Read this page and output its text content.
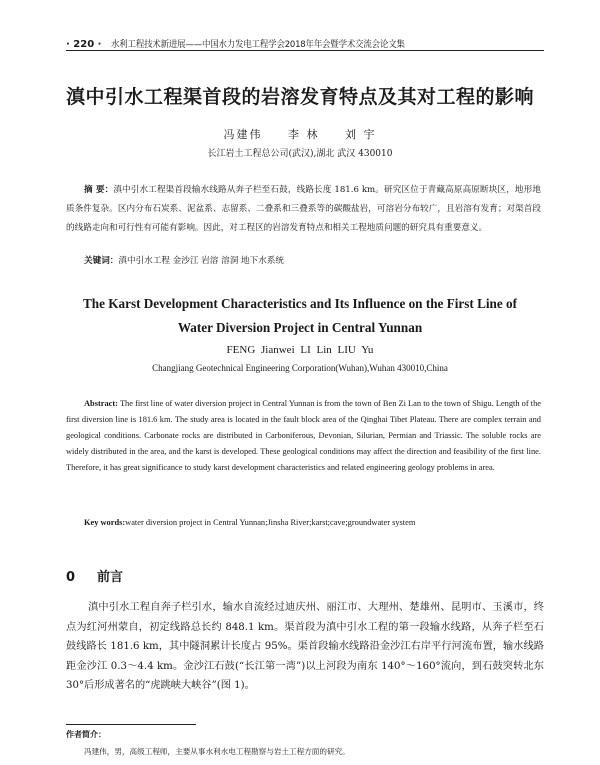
· 220 · 水利工程技术新进展——中国水力发电工程学会2018年年会暨学术交流会论文集
滇中引水工程渠首段的岩溶发育特点及其对工程的影响
冯建伟 李 林 刘 宇
长江岩土工程总公司(武汉),湖北 武汉 430010
摘 要：滇中引水工程渠首段输水线路从奔子栏至石鼓，线路长度 181.6 km。研究区位于青藏高原高原断块区，地形地质条件复杂。区内分布石炭系、泥盆系、志留系、二叠系和三叠系等的碳酸盐岩，可溶岩分布较广，且岩溶有发育；对渠首段的线路走向和可行性有可能有影响。因此，对工程区的岩溶发育特点和相关工程地质问题的研究具有重要意义。
关键词：滇中引水工程 金沙江 岩溶 溶洞 地下水系统
The Karst Development Characteristics and Its Influence on the First Line of
Water Diversion Project in Central Yunnan
FENG Jianwei LI Lin LIU Yu
Changjiang Geotechnical Engineering Corporation(Wuhan),Wuhan 430010,China
Abstract: The first line of water diversion project in Central Yunnan is from the town of Ben Zi Lan to the town of Shigu. Length of the first diversion line is 181.6 km. The study area is located in the fault block area of the Qinghai Tibet Plateau. There are complex terrain and geological conditions. Carbonate rocks are distributed in Carboniferous, Devonian, Silurian, Permian and Triassic. The soluble rocks are widely distributed in the area, and the karst is developed. These geological conditions may affect the direction and feasibility of the first line. Therefore, it has great significance to study karst development characteristics and related engineering geology problems in area.
Key words:water diversion project in Central Yunnan;Jinsha River;karst;cave;groundwater system
0 前言
滇中引水工程自奔子栏引水，输水自流经过迪庆州、丽江市、大理州、楚雄州、昆明市、玉溪市，终点为红河州蒙自，初定线路总长约 848.1 km。渠首段为滇中引水工程的第一段输水线路，从奔子栏至石鼓线路长 181.6 km，其中隧洞累计长度占 95%。渠首段输水线路沿金沙江右岸平行河流布置，输水线路距金沙江 0.3～4.4 km。金沙江石鼓(“长江第一湾”)以上河段为南东 140°～160°流向，到石鼓突转北东 30°后形成著名的“虎跳峡大峡谷”(图 1)。
作者简介：
冯建伟，男，高级工程师，主要从事水利水电工程勘察与岩土工程方面的研究。
